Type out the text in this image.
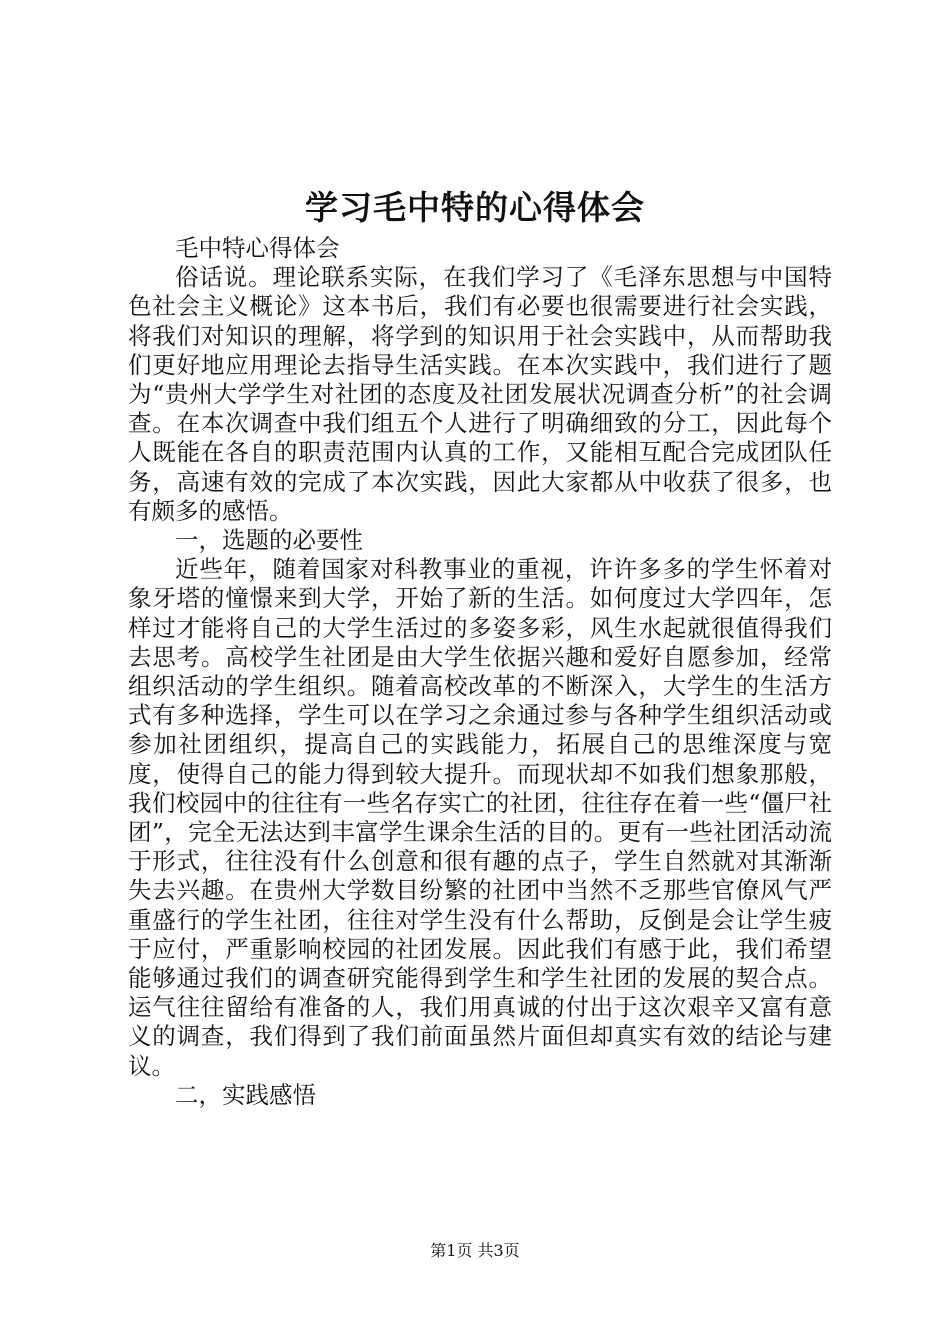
学习毛中特的心得体会

毛中特心得体会

俗话说。理论联系实际，在我们学习了《毛泽东思想与中国特色社会主义概论》这本书后，我们有必要也很需要进行社会实践，将我们对知识的理解，将学到的知识用于社会实践中，从而帮助我们更好地应用理论去指导生活实践。在本次实践中，我们进行了题为“贵州大学学生对社团的态度及社团发展状况调查分析”的社会调查。在本次调查中我们组五个人进行了明确细致的分工，因此每个人既能在各自的职责范围内认真的工作，又能相互配合完成团队任务，高速有效的完成了本次实践，因此大家都从中收获了很多，也有颇多的感悟。

一，选题的必要性

近些年，随着国家对科教事业的重视，许许多多的学生怀着对象牙塔的憧憬来到大学，开始了新的生活。如何度过大学四年，怎样过才能将自己的大学生活过的多姿多彩，风生水起就很值得我们去思考。高校学生社团是由大学生依据兴趣和爱好自愿参加，经常组织活动的学生组织。随着高校改革的不断深入，大学生的生活方式有多种选择，学生可以在学习之余通过参与各种学生组织活动或参加社团组织，提高自己的实践能力，拓展自己的思维深度与宽度，使得自己的能力得到较大提升。而现状却不如我们想象那般，我们校园中的往往有一些名存实亡的社团，往往存在着一些“僵尸社团”，完全无法达到丰富学生课余生活的目的。更有一些社团活动流于形式，往往没有什么创意和很有趣的点子，学生自然就对其渐渐失去兴趣。在贵州大学数目纷繁的社团中当然不乏那些官僚风气严重盛行的学生社团，往往对学生没有什么帮助，反倒是会让学生疲于应付，严重影响校园的社团发展。因此我们有感于此，我们希望能够通过我们的调查研究能得到学生和学生社团的发展的契合点。运气往往留给有准备的人，我们用真诚的付出于这次艰辛又富有意义的调查，我们得到了我们前面虽然片面但却真实有效的结论与建议。

二，实践感悟

第1页 共3页
